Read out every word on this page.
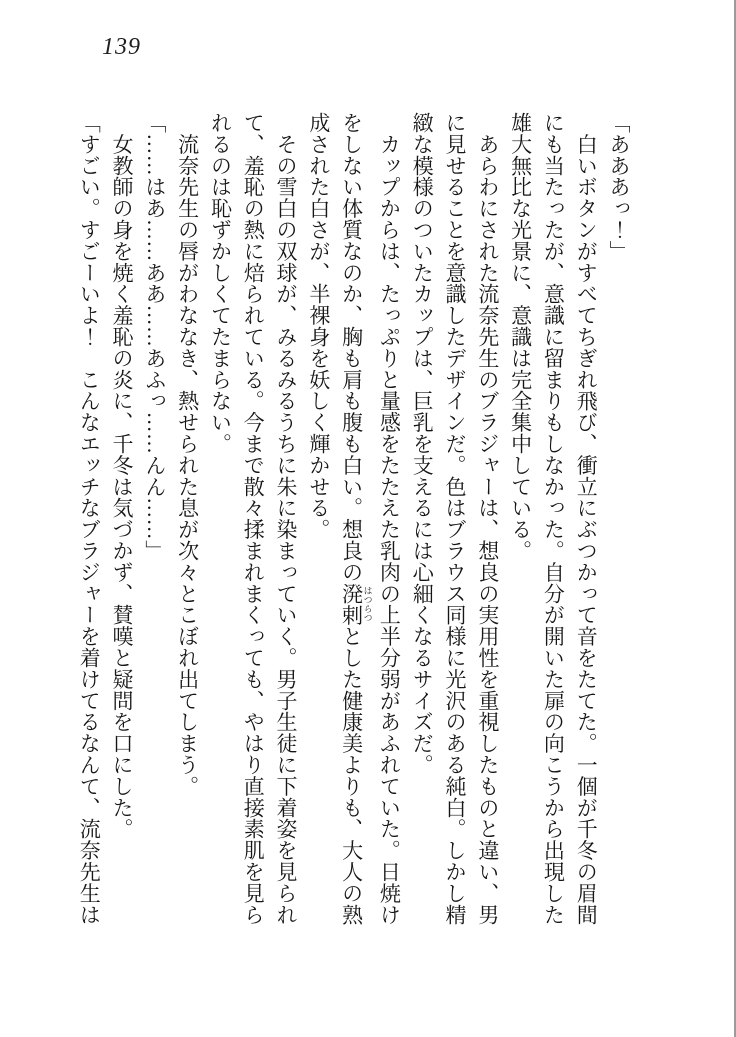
139
「あああっ！」
　白いボタンがすべてちぎれ飛び、衝立にぶつかって音をたてた。一個が千冬の眉間
にも当たったが、意識に留まりもしなかった。自分が開いた扉の向こうから出現した
雄大無比な光景に、意識は完全集中している。
　あらわにされた流奈先生のブラジャーは、想良の実用性を重視したものと違い、男
に見せることを意識したデザインだ。色はブラウス同様に光沢のある純白。しかし精
緻な模様のついたカップは、巨乳を支えるには心細くなるサイズだ。
　カップからは、たっぷりと量感をたたえた乳肉の上半分弱があふれていた。日焼け
をしない体質なのか、胸も肩も腹も白い。想良の溌剌 はつらつとした健康美よりも、大人の熟
成された白さが、半裸身を妖しく輝かせる。
　その雪白の双球が、みるみるうちに朱に染まっていく。男子生徒に下着姿を見られ
て、羞恥の熱に焙られている。今まで散々揉まれまくっても、やはり直接素肌を見ら
れるのは恥ずかしくてたまらない。
　流奈先生の唇がわななき、熱せられた息が次々とこぼれ出てしまう。
「……はあ……ああ……あふっ……んん……」
　女教師の身を焼く羞恥の炎に、千冬は気づかず、賛嘆と疑問を口にした。
「すごい。すごーいよ！　こんなエッチなブラジャーを着けてるなんて、流奈先生は
